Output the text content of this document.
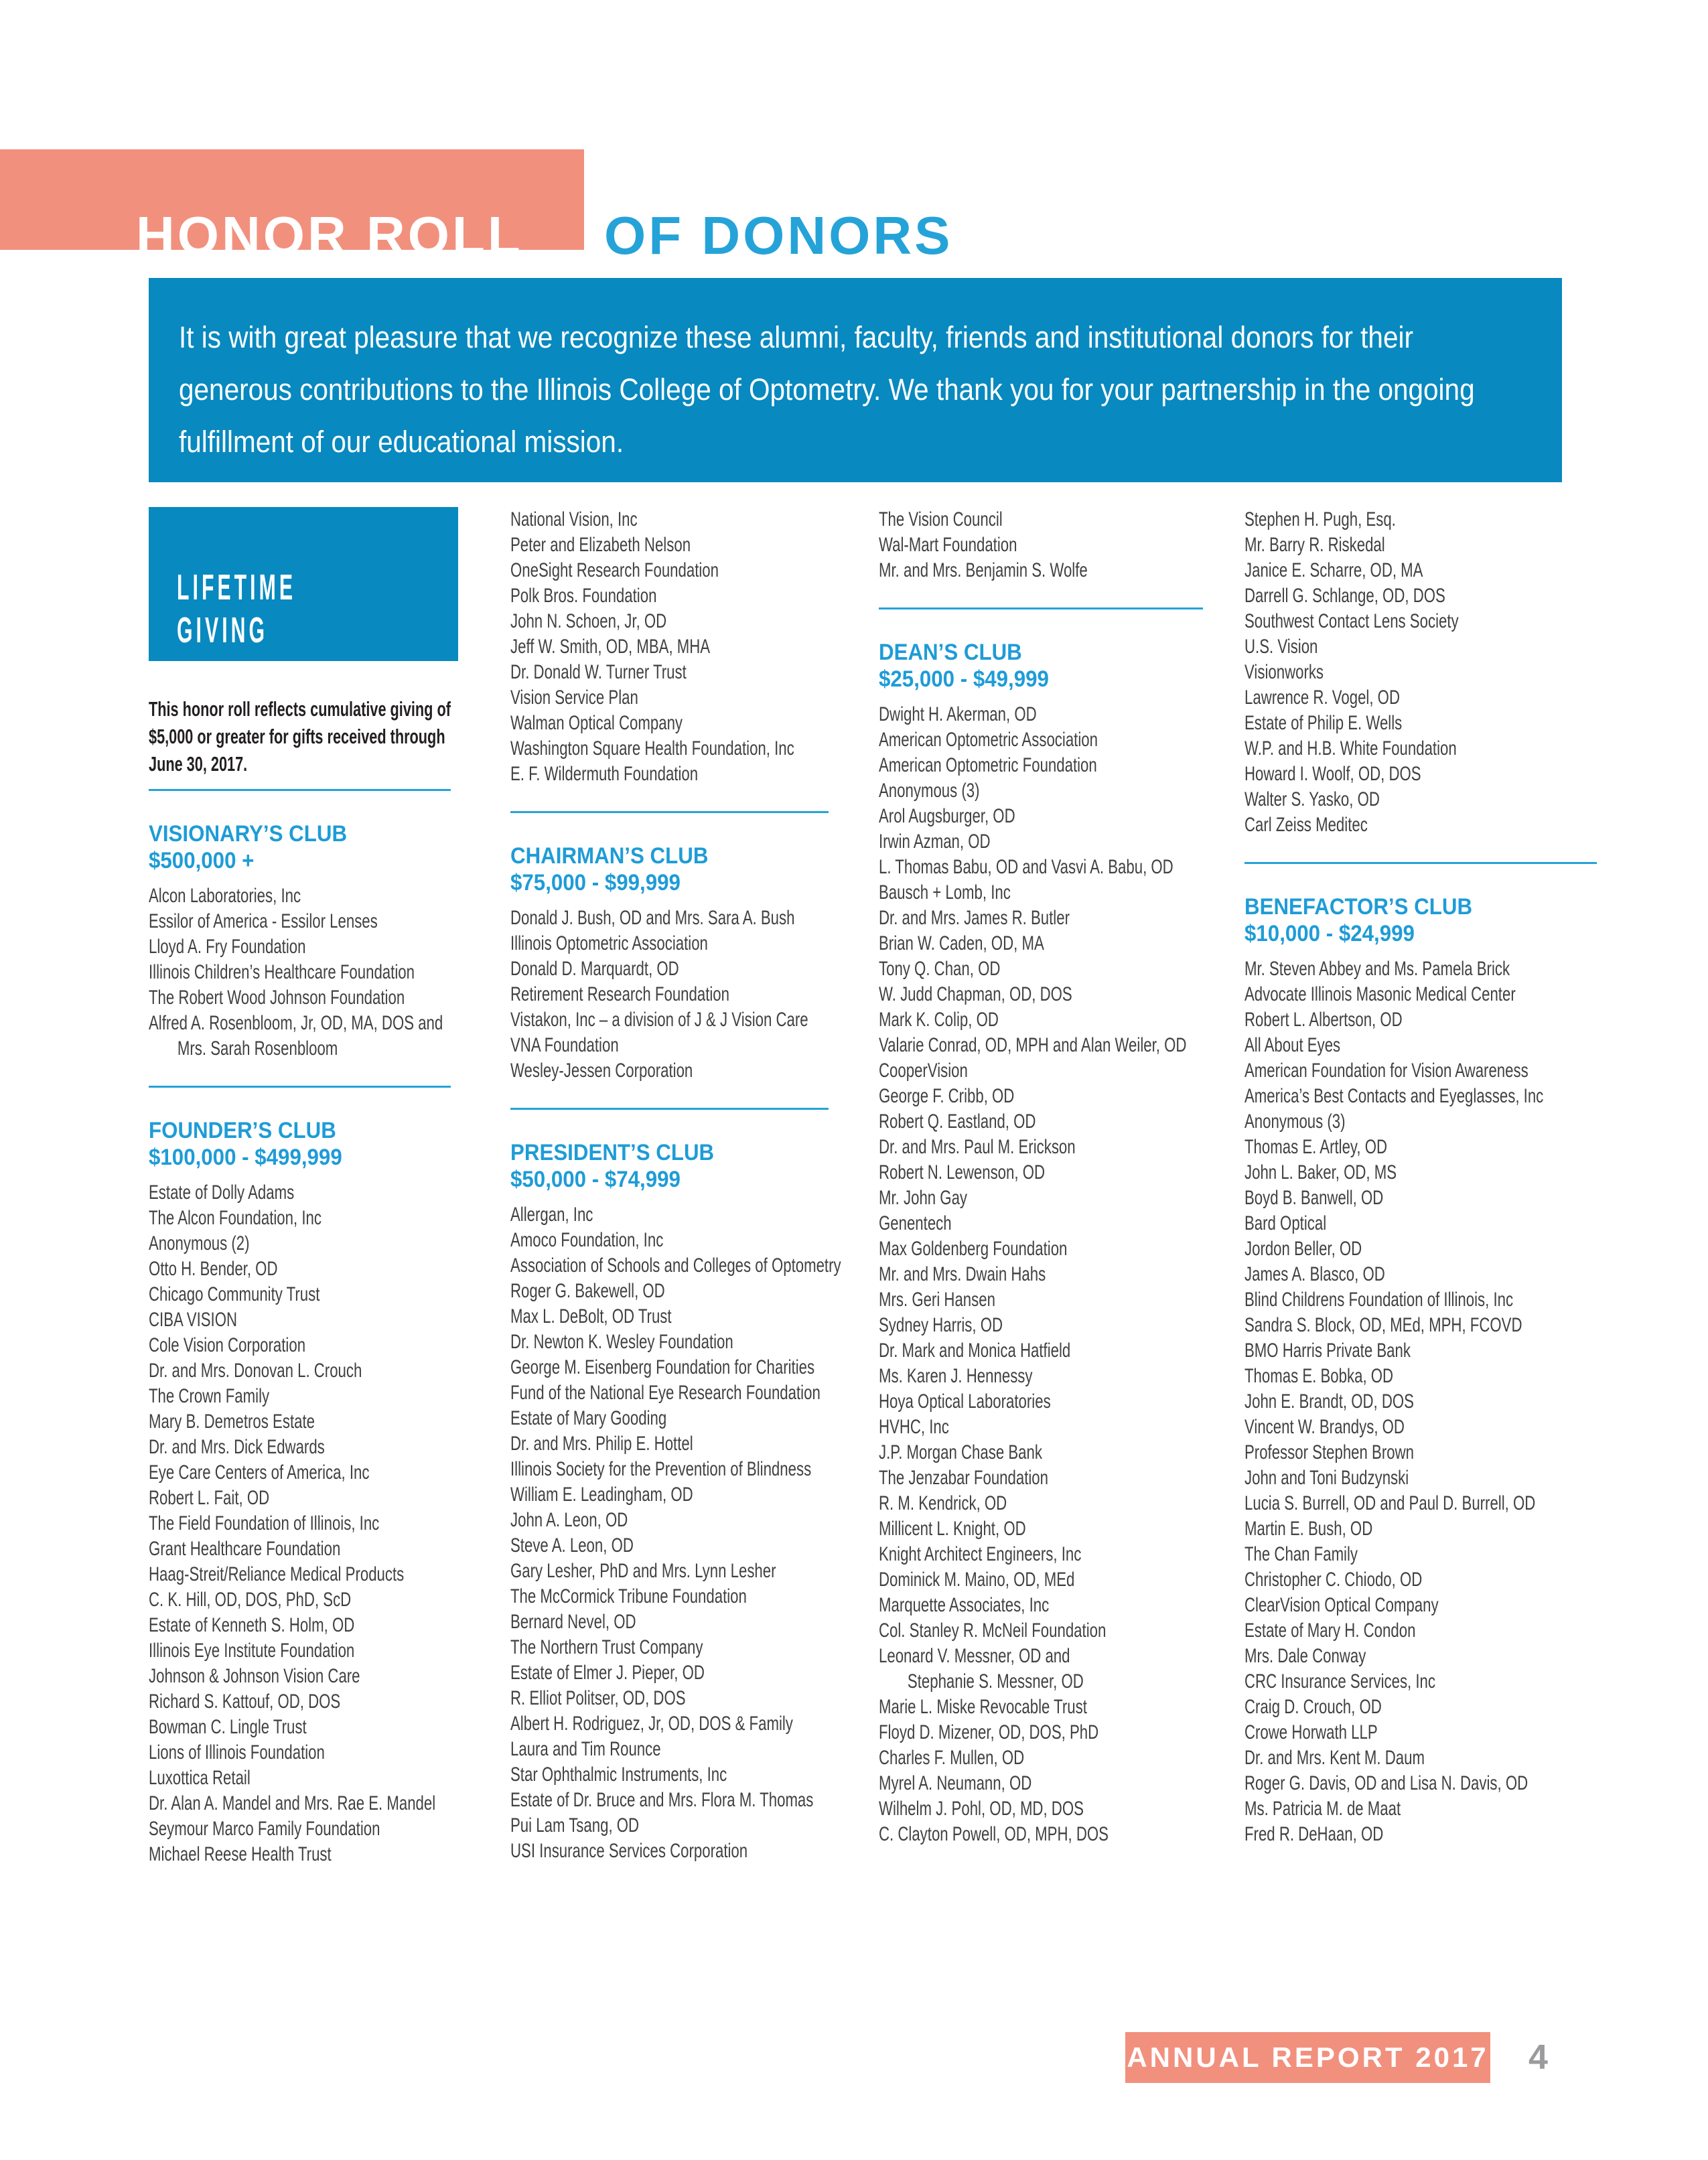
HONOR ROLL OF DONORS

It is with great pleasure that we recognize these alumni, faculty, friends and institutional donors for their generous contributions to the Illinois College of Optometry. We thank you for your partnership in the ongoing fulfillment of our educational mission.

LIFETIME
GIVING

This honor roll reflects cumulative giving of $5,000 or greater for gifts received through June 30, 2017.

VISIONARY’S CLUB
$500,000 +
Alcon Laboratories, Inc
Essilor of America - Essilor Lenses
Lloyd A. Fry Foundation
Illinois Children’s Healthcare Foundation
The Robert Wood Johnson Foundation
Alfred A. Rosenbloom, Jr, OD, MA, DOS and
Mrs. Sarah Rosenbloom
FOUNDER’S CLUB
$100,000 - $499,999
Estate of Dolly Adams
The Alcon Foundation, Inc
Anonymous (2)
Otto H. Bender, OD
Chicago Community Trust
CIBA VISION
Cole Vision Corporation
Dr. and Mrs. Donovan L. Crouch
The Crown Family
Mary B. Demetros Estate
Dr. and Mrs. Dick Edwards
Eye Care Centers of America, Inc
Robert L. Fait, OD
The Field Foundation of Illinois, Inc
Grant Healthcare Foundation
Haag-Streit/Reliance Medical Products
C. K. Hill, OD, DOS, PhD, ScD
Estate of Kenneth S. Holm, OD
Illinois Eye Institute Foundation
Johnson & Johnson Vision Care
Richard S. Kattouf, OD, DOS
Bowman C. Lingle Trust
Lions of Illinois Foundation
Luxottica Retail
Dr. Alan A. Mandel and Mrs. Rae E. Mandel
Seymour Marco Family Foundation
Michael Reese Health Trust
National Vision, Inc
Peter and Elizabeth Nelson
OneSight Research Foundation
Polk Bros. Foundation
John N. Schoen, Jr, OD
Jeff W. Smith, OD, MBA, MHA
Dr. Donald W. Turner Trust
Vision Service Plan
Walman Optical Company
Washington Square Health Foundation, Inc
E. F. Wildermuth Foundation
CHAIRMAN’S CLUB
$75,000 - $99,999
Donald J. Bush, OD and Mrs. Sara A. Bush
Illinois Optometric Association
Donald D. Marquardt, OD
Retirement Research Foundation
Vistakon, Inc – a division of J & J Vision Care
VNA Foundation
Wesley-Jessen Corporation
PRESIDENT’S CLUB
$50,000 - $74,999
Allergan, Inc
Amoco Foundation, Inc
Association of Schools and Colleges of Optometry
Roger G. Bakewell, OD
Max L. DeBolt, OD Trust
Dr. Newton K. Wesley Foundation
George M. Eisenberg Foundation for Charities
Fund of the National Eye Research Foundation
Estate of Mary Gooding
Dr. and Mrs. Philip E. Hottel
Illinois Society for the Prevention of Blindness
William E. Leadingham, OD
John A. Leon, OD
Steve A. Leon, OD
Gary Lesher, PhD and Mrs. Lynn Lesher
The McCormick Tribune Foundation
Bernard Nevel, OD
The Northern Trust Company
Estate of Elmer J. Pieper, OD
R. Elliot Politser, OD, DOS
Albert H. Rodriguez, Jr, OD, DOS & Family
Laura and Tim Rounce
Star Ophthalmic Instruments, Inc
Estate of Dr. Bruce and Mrs. Flora M. Thomas
Pui Lam Tsang, OD
USI Insurance Services Corporation
The Vision Council
Wal-Mart Foundation
Mr. and Mrs. Benjamin S. Wolfe
DEAN’S CLUB
$25,000 - $49,999
Dwight H. Akerman, OD
American Optometric Association
American Optometric Foundation
Anonymous (3)
Arol Augsburger, OD
Irwin Azman, OD
L. Thomas Babu, OD and Vasvi A. Babu, OD
Bausch + Lomb, Inc
Dr. and Mrs. James R. Butler
Brian W. Caden, OD, MA
Tony Q. Chan, OD
W. Judd Chapman, OD, DOS
Mark K. Colip, OD
Valarie Conrad, OD, MPH and Alan Weiler, OD
CooperVision
George F. Cribb, OD
Robert Q. Eastland, OD
Dr. and Mrs. Paul M. Erickson
Robert N. Lewenson, OD
Mr. John Gay
Genentech
Max Goldenberg Foundation
Mr. and Mrs. Dwain Hahs
Mrs. Geri Hansen
Sydney Harris, OD
Dr. Mark and Monica Hatfield
Ms. Karen J. Hennessy
Hoya Optical Laboratories
HVHC, Inc
J.P. Morgan Chase Bank
The Jenzabar Foundation
R. M. Kendrick, OD
Millicent L. Knight, OD
Knight Architect Engineers, Inc
Dominick M. Maino, OD, MEd
Marquette Associates, Inc
Col. Stanley R. McNeil Foundation
Leonard V. Messner, OD and
Stephanie S. Messner, OD
Marie L. Miske Revocable Trust
Floyd D. Mizener, OD, DOS, PhD
Charles F. Mullen, OD
Myrel A. Neumann, OD
Wilhelm J. Pohl, OD, MD, DOS
C. Clayton Powell, OD, MPH, DOS
Stephen H. Pugh, Esq.
Mr. Barry R. Riskedal
Janice E. Scharre, OD, MA
Darrell G. Schlange, OD, DOS
Southwest Contact Lens Society
U.S. Vision
Visionworks
Lawrence R. Vogel, OD
Estate of Philip E. Wells
W.P. and H.B. White Foundation
Howard I. Woolf, OD, DOS
Walter S. Yasko, OD
Carl Zeiss Meditec
BENEFACTOR’S CLUB
$10,000 - $24,999
Mr. Steven Abbey and Ms. Pamela Brick
Advocate Illinois Masonic Medical Center
Robert L. Albertson, OD
All About Eyes
American Foundation for Vision Awareness
America’s Best Contacts and Eyeglasses, Inc
Anonymous (3)
Thomas E. Artley, OD
John L. Baker, OD, MS
Boyd B. Banwell, OD
Bard Optical
Jordon Beller, OD
James A. Blasco, OD
Blind Childrens Foundation of Illinois, Inc
Sandra S. Block, OD, MEd, MPH, FCOVD
BMO Harris Private Bank
Thomas E. Bobka, OD
John E. Brandt, OD, DOS
Vincent W. Brandys, OD
Professor Stephen Brown
John and Toni Budzynski
Lucia S. Burrell, OD and Paul D. Burrell, OD
Martin E. Bush, OD
The Chan Family
Christopher C. Chiodo, OD
ClearVision Optical Company
Estate of Mary H. Condon
Mrs. Dale Conway
CRC Insurance Services, Inc
Craig D. Crouch, OD
Crowe Horwath LLP
Dr. and Mrs. Kent M. Daum
Roger G. Davis, OD and Lisa N. Davis, OD
Ms. Patricia M. de Maat
Fred R. DeHaan, OD
ANNUAL REPORT 2017 4
